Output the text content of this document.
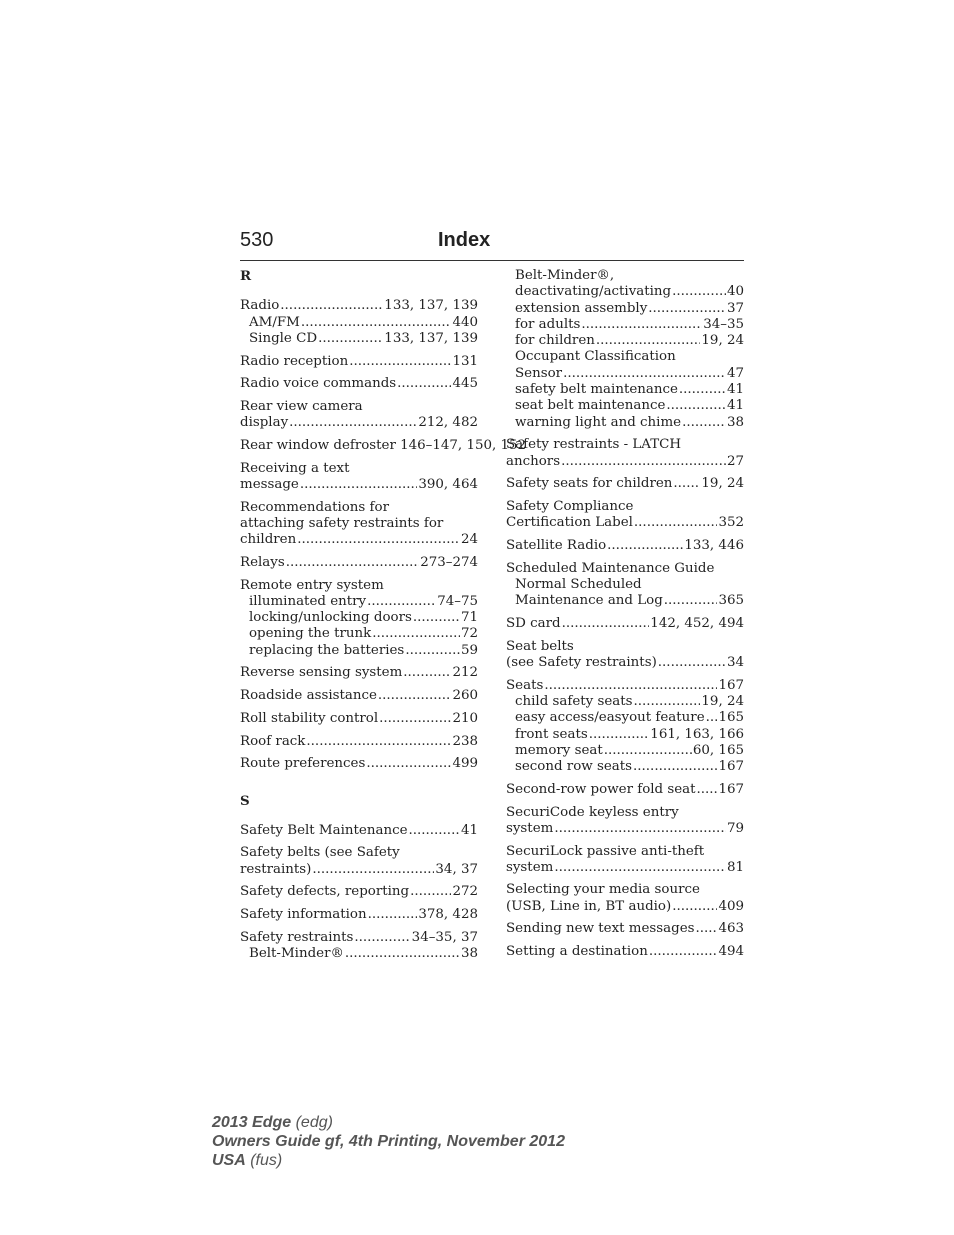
530	Index
R
Radio .....	133, 137, 139
AM/FM .....	440
Single CD .....	133, 137, 139
Radio reception .....	131
Radio voice commands .....	445
Rear view camera
display .....	212, 482
Rear window defroster 146–147, 150, 152
Receiving a text
message .....	390, 464
Recommendations for
attaching safety restraints for
children .....	24
Relays .....	273–274
Remote entry system
illuminated entry .....	74–75
locking/unlocking doors .....	71
opening the trunk .....	72
replacing the batteries .....	59
Reverse sensing system .....	212
Roadside assistance .....	260
Roll stability control .....	210
Roof rack .....	238
Route preferences .....	499
S
Safety Belt Maintenance .....	41
Safety belts (see Safety
restraints) .....	34, 37
Safety defects, reporting .....	272
Safety information .....	378, 428
Safety restraints .....	34–35, 37
Belt-Minder® .....	38
Belt-Minder®,
deactivating/activating .....	40
extension assembly .....	37
for adults .....	34–35
for children .....	19, 24
Occupant Classification
Sensor .....	47
safety belt maintenance .....	41
seat belt maintenance .....	41
warning light and chime .....	38
Safety restraints - LATCH
anchors .....	27
Safety seats for children ..... 19, 24
Safety Compliance
Certification Label .....	352
Satellite Radio .....	133, 446
Scheduled Maintenance Guide
Normal Scheduled
Maintenance and Log .....	365
SD card .....	142, 452, 494
Seat belts
(see Safety restraints) .....	34
Seats .....	167
child safety seats .....	19, 24
easy access/easyout feature ..... 165
front seats .....	161, 163, 166
memory seat .....	60, 165
second row seats .....	167
Second-row power fold seat ..... 167
SecuriCode keyless entry
system .....	79
SecuriLock passive anti-theft
system .....	81
Selecting your media source
(USB, Line in, BT audio) .....	409
Sending new text messages ..... 463
Setting a destination .....	494
2013 Edge (edg)
Owners Guide gf, 4th Printing, November 2012
USA (fus)
